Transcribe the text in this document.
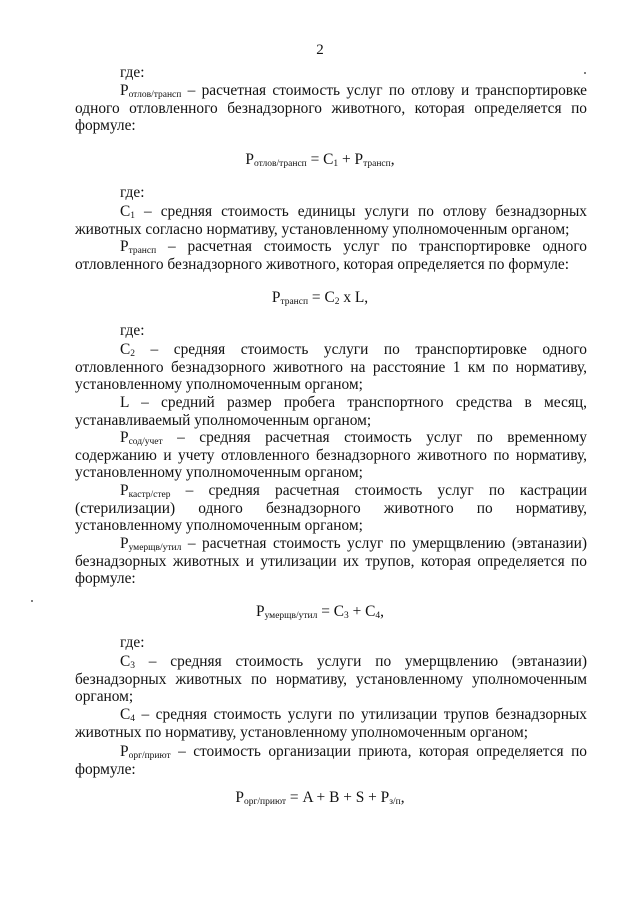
2
где:
$P_{отлов/трансп}$ – расчетная стоимость услуг по отлову и транспортировке одного отловленного безнадзорного животного, которая определяется по формуле:
$P_{отлов/трансп} = C_1 + P_{трансп}$,
где:
$C_1$ – средняя стоимость единицы услуги по отлову безнадзорных животных согласно нормативу, установленному уполномоченным органом;
$P_{трансп}$ – расчетная стоимость услуг по транспортировке одного отловленного безнадзорного животного, которая определяется по формуле:
$P_{трансп} = C_2$ x L,
где:
$C_2$ – средняя стоимость услуги по транспортировке одного отловленного безнадзорного животного на расстояние 1 км по нормативу, установленному уполномоченным органом;
L – средний размер пробега транспортного средства в месяц, устанавливаемый уполномоченным органом;
$P_{сод/учет}$ – средняя расчетная стоимость услуг по временному содержанию и учету отловленного безнадзорного животного по нормативу, установленному уполномоченным органом;
$P_{кастр/стер}$ – средняя расчетная стоимость услуг по кастрации (стерилизации) одного безнадзорного животного по нормативу, установленному уполномоченным органом;
$P_{умерщв/утил}$ – расчетная стоимость услуг по умерщвлению (эвтаназии) безнадзорных животных и утилизации их трупов, которая определяется по формуле:
$P_{умерщв/утил} = C_3 + C_4$,
где:
$C_3$ – средняя стоимость услуги по умерщвлению (эвтаназии) безнадзорных животных по нормативу, установленному уполномоченным органом;
$C_4$ – средняя стоимость услуги по утилизации трупов безнадзорных животных по нормативу, установленному уполномоченным органом;
$P_{орг/приют}$ – стоимость организации приюта, которая определяется по формуле:
$P_{орг/приют} = A + B + S + P_{з/п}$,
